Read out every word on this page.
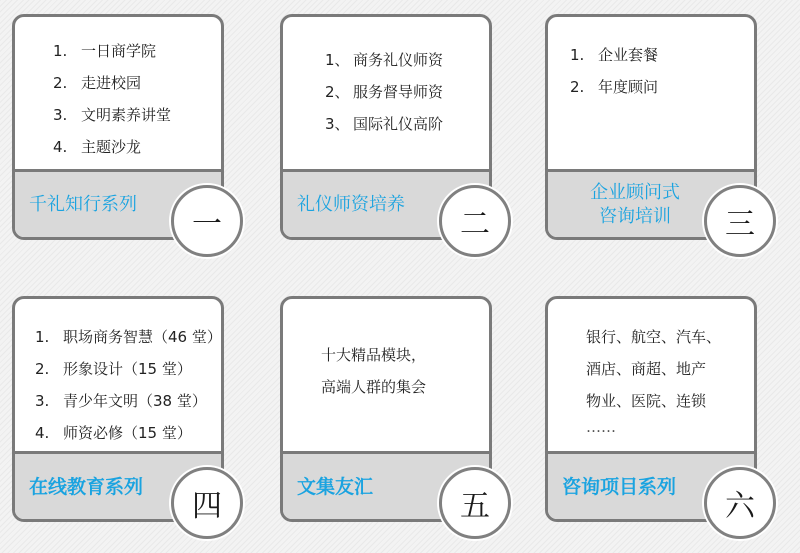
1. 一日商学院
2. 走进校园
3. 文明素养讲堂
4. 主题沙龙
千礼知行系列
一
1、 商务礼仪师资
2、 服务督导师资
3、 国际礼仪高阶
礼仪师资培养
二
1. 企业套餐
2. 年度顾问
企业顾问式
咨询培训	三
1. 职场商务智慧（46 堂）
2. 形象设计（15 堂）
3. 青少年文明（38 堂）
4. 师资必修（15 堂）
在线教育系列
四
十大精品模块，
高端人群的集会
文集友汇
五
银行、航空、汽车、
酒店、商超、地产
物业、医院、连锁
……
咨询项目系列
六
